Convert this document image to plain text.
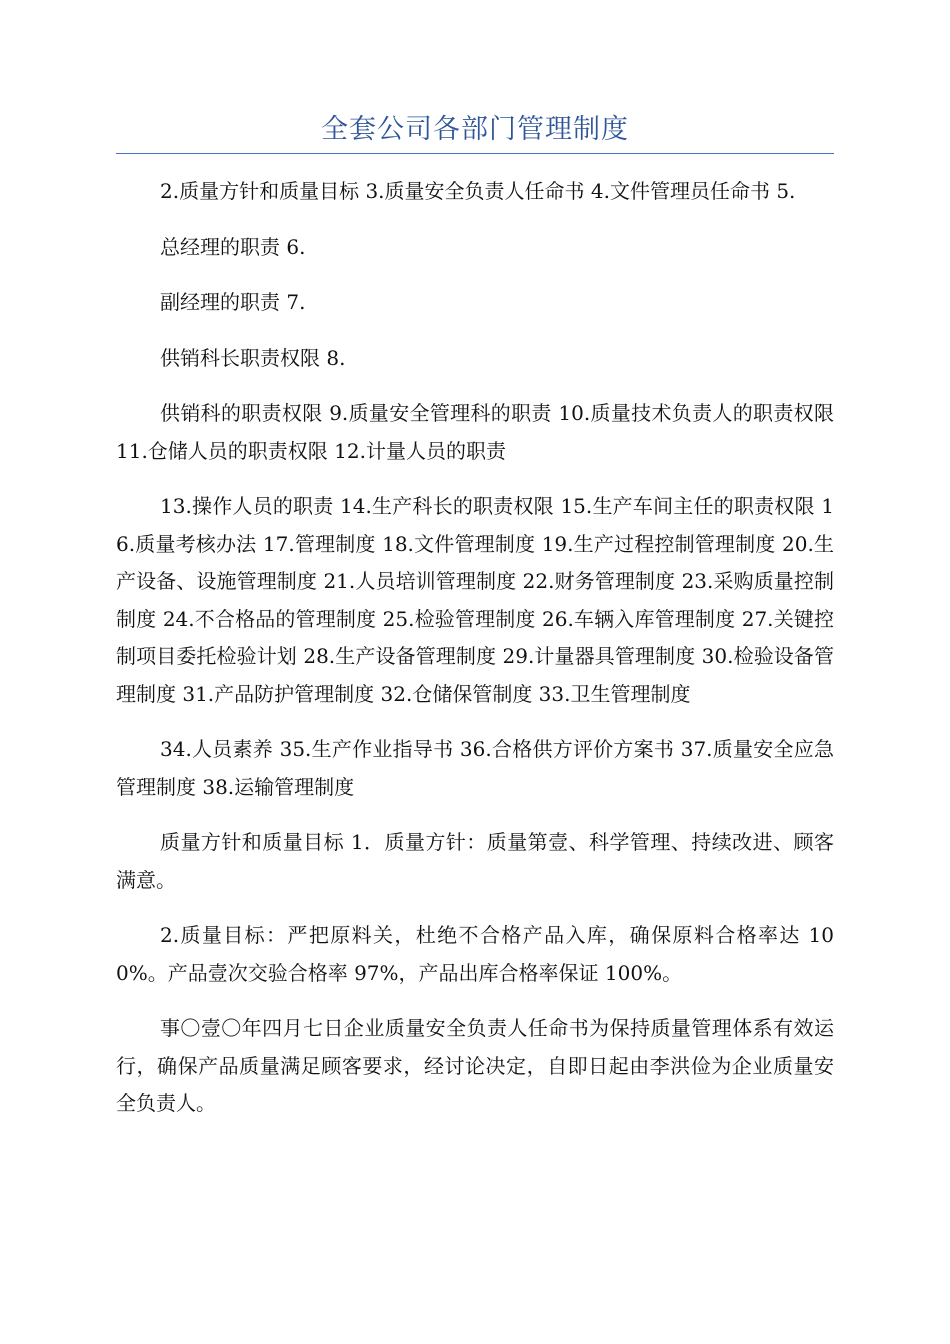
全套公司各部门管理制度

2.质量方针和质量目标 3.质量安全负责人任命书 4.文件管理员任命书 5.

总经理的职责 6.

副经理的职责 7.

供销科长职责权限 8.

供销科的职责权限 9.质量安全管理科的职责 10.质量技术负责人的职责权限 11.仓储人员的职责权限 12.计量人员的职责

13.操作人员的职责 14.生产科长的职责权限 15.生产车间主任的职责权限 16.质量考核办法 17.管理制度 18.文件管理制度 19.生产过程控制管理制度 20.生产设备、设施管理制度 21.人员培训管理制度 22.财务管理制度 23.采购质量控制制度 24.不合格品的管理制度 25.检验管理制度 26.车辆入库管理制度 27.关键控制项目委托检验计划 28.生产设备管理制度 29.计量器具管理制度 30.检验设备管理制度 31.产品防护管理制度 32.仓储保管制度 33.卫生管理制度

34.人员素养 35.生产作业指导书 36.合格供方评价方案书 37.质量安全应急管理制度 38.运输管理制度

质量方针和质量目标 1．质量方针：质量第壹、科学管理、持续改进、顾客满意。

2.质量目标：严把原料关，杜绝不合格产品入库，确保原料合格率达 100%。产品壹次交验合格率 97%，产品出库合格率保证 100%。

事〇壹〇年四月七日企业质量安全负责人任命书为保持质量管理体系有效运行，确保产品质量满足顾客要求，经讨论决定，自即日起由李洪俭为企业质量安全负责人。
